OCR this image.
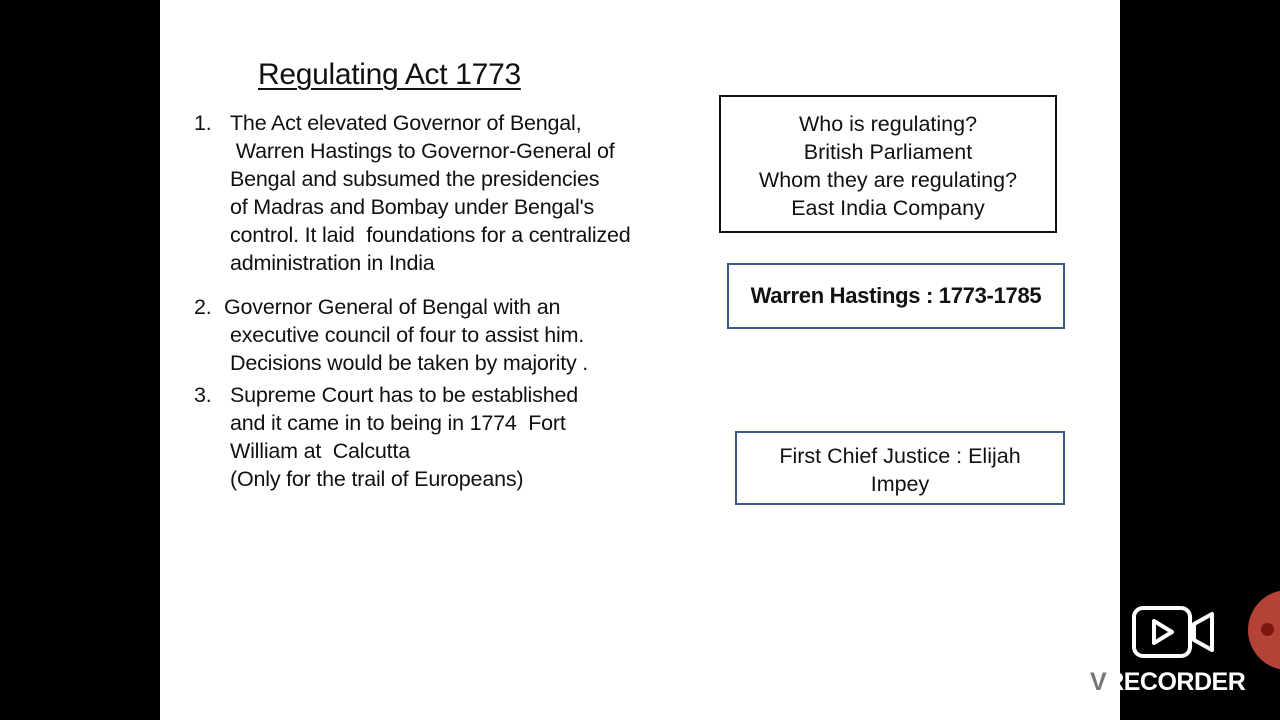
Regulating Act 1773
1. The Act elevated Governor of Bengal,
Warren Hastings to Governor-General of
Bengal and subsumed the presidencies
of Madras and Bombay under Bengal's
control. It laid  foundations for a centralized
administration in India
2. Governor General of Bengal with an
executive council of four to assist him.
Decisions would be taken by majority .
3. Supreme Court has to be established
and it came in to being in 1774  Fort
William at  Calcutta
(Only for the trail of Europeans)
Who is regulating?
British Parliament
Whom they are regulating?
East India Company
Warren Hastings : 1773-1785
First Chief Justice : Elijah
Impey
VRECORDER
